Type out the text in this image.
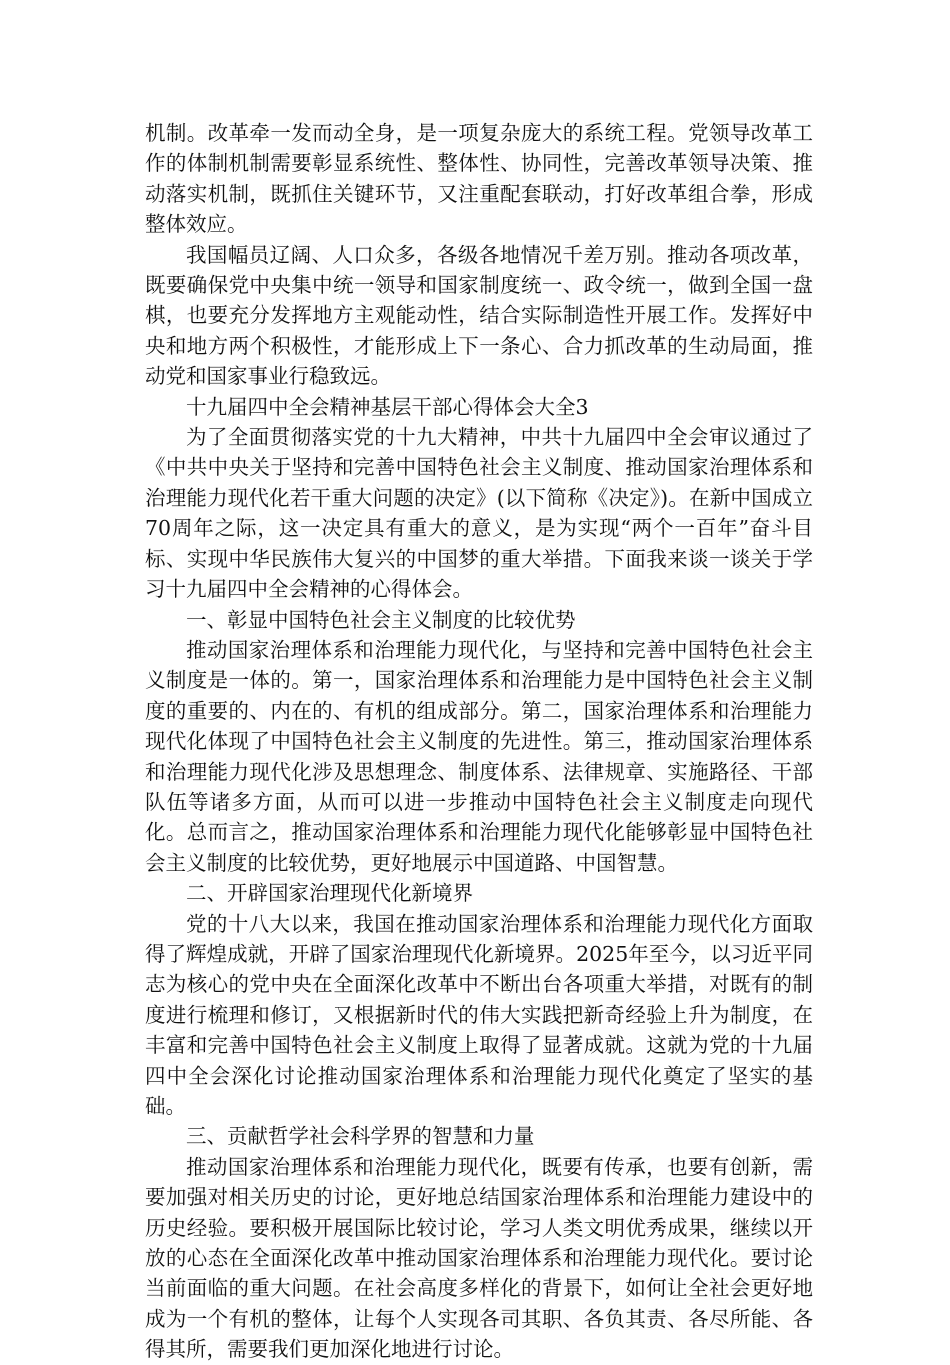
机制。改革牵一发而动全身，是一项复杂庞大的系统工程。党领导改革工作的体制机制需要彰显系统性、整体性、协同性，完善改革领导决策、推动落实机制，既抓住关键环节，又注重配套联动，打好改革组合拳，形成整体效应。

我国幅员辽阔、人口众多，各级各地情况千差万别。推动各项改革，既要确保党中央集中统一领导和国家制度统一、政令统一，做到全国一盘棋，也要充分发挥地方主观能动性，结合实际制造性开展工作。发挥好中央和地方两个积极性，才能形成上下一条心、合力抓改革的生动局面，推动党和国家事业行稳致远。

十九届四中全会精神基层干部心得体会大全3

为了全面贯彻落实党的十九大精神，中共十九届四中全会审议通过了《中共中央关于坚持和完善中国特色社会主义制度、推动国家治理体系和治理能力现代化若干重大问题的决定》(以下简称《决定》)。在新中国成立70周年之际，这一决定具有重大的意义，是为实现“两个一百年”奋斗目标、实现中华民族伟大复兴的中国梦的重大举措。下面我来谈一谈关于学习十九届四中全会精神的心得体会。

一、彰显中国特色社会主义制度的比较优势

推动国家治理体系和治理能力现代化，与坚持和完善中国特色社会主义制度是一体的。第一，国家治理体系和治理能力是中国特色社会主义制度的重要的、内在的、有机的组成部分。第二，国家治理体系和治理能力现代化体现了中国特色社会主义制度的先进性。第三，推动国家治理体系和治理能力现代化涉及思想理念、制度体系、法律规章、实施路径、干部队伍等诸多方面，从而可以进一步推动中国特色社会主义制度走向现代化。总而言之，推动国家治理体系和治理能力现代化能够彰显中国特色社会主义制度的比较优势，更好地展示中国道路、中国智慧。

二、开辟国家治理现代化新境界

党的十八大以来，我国在推动国家治理体系和治理能力现代化方面取得了辉煌成就，开辟了国家治理现代化新境界。2025年至今，以习近平同志为核心的党中央在全面深化改革中不断出台各项重大举措，对既有的制度进行梳理和修订，又根据新时代的伟大实践把新奇经验上升为制度，在丰富和完善中国特色社会主义制度上取得了显著成就。这就为党的十九届四中全会深化讨论推动国家治理体系和治理能力现代化奠定了坚实的基础。

三、贡献哲学社会科学界的智慧和力量

推动国家治理体系和治理能力现代化，既要有传承，也要有创新，需要加强对相关历史的讨论，更好地总结国家治理体系和治理能力建设中的历史经验。要积极开展国际比较讨论，学习人类文明优秀成果，继续以开放的心态在全面深化改革中推动国家治理体系和治理能力现代化。要讨论当前面临的重大问题。在社会高度多样化的背景下，如何让全社会更好地成为一个有机的整体，让每个人实现各司其职、各负其责、各尽所能、各得其所，需要我们更加深化地进行讨论。
